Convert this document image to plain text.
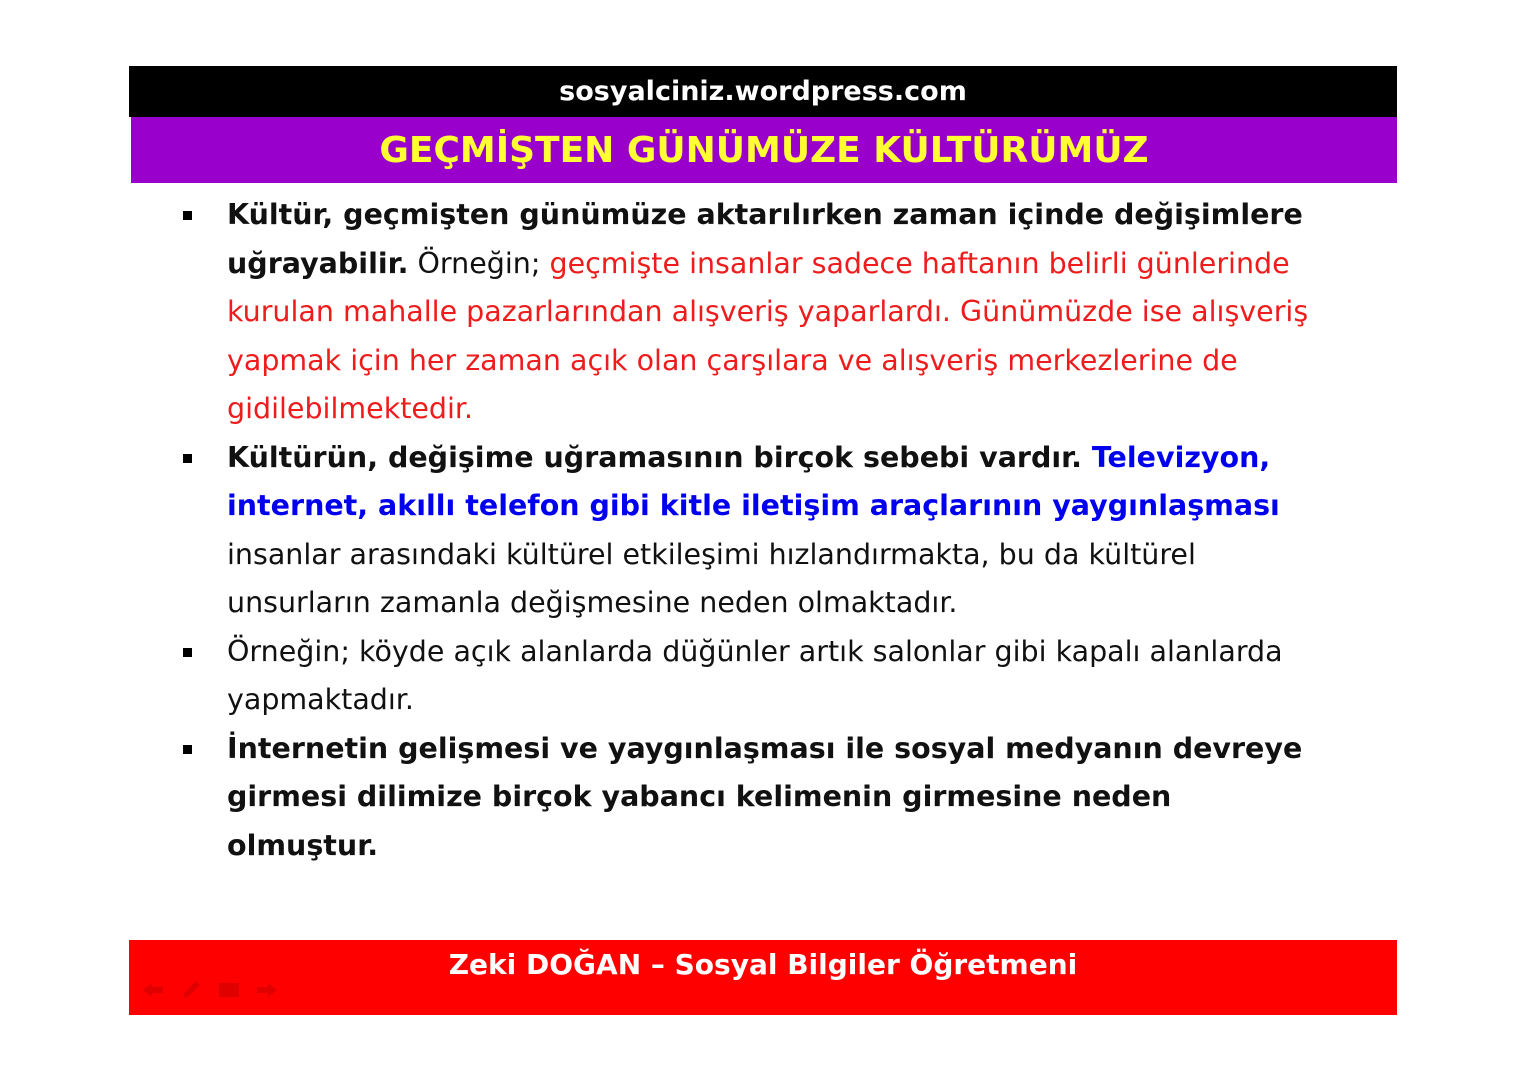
sosyalciniz.wordpress.com
GEÇMİŞTEN GÜNÜMÜZE KÜLTÜRÜMÜZ
Kültür, geçmişten günümüze aktarılırken zaman içinde değişimlere uğrayabilir. Örneğin; geçmişte insanlar sadece haftanın belirli günlerinde kurulan mahalle pazarlarından alışveriş yaparlardı. Günümüzde ise alışveriş yapmak için her zaman açık olan çarşılara ve alışveriş merkezlerine de gidilebilmektedir.
Kültürün, değişime uğramasının birçok sebebi vardır. Televizyon, internet, akıllı telefon gibi kitle iletişim araçlarının yaygınlaşması insanlar arasındaki kültürel etkileşimi hızlandırmakta, bu da kültürel unsurların zamanla değişmesine neden olmaktadır.
Örneğin; köyde açık alanlarda düğünler artık salonlar gibi kapalı alanlarda yapmaktadır.
İnternetin gelişmesi ve yaygınlaşması ile sosyal medyanın devreye girmesi dilimize birçok yabancı kelimenin girmesine neden olmuştur.
Zeki DOĞAN – Sosyal Bilgiler Öğretmeni
